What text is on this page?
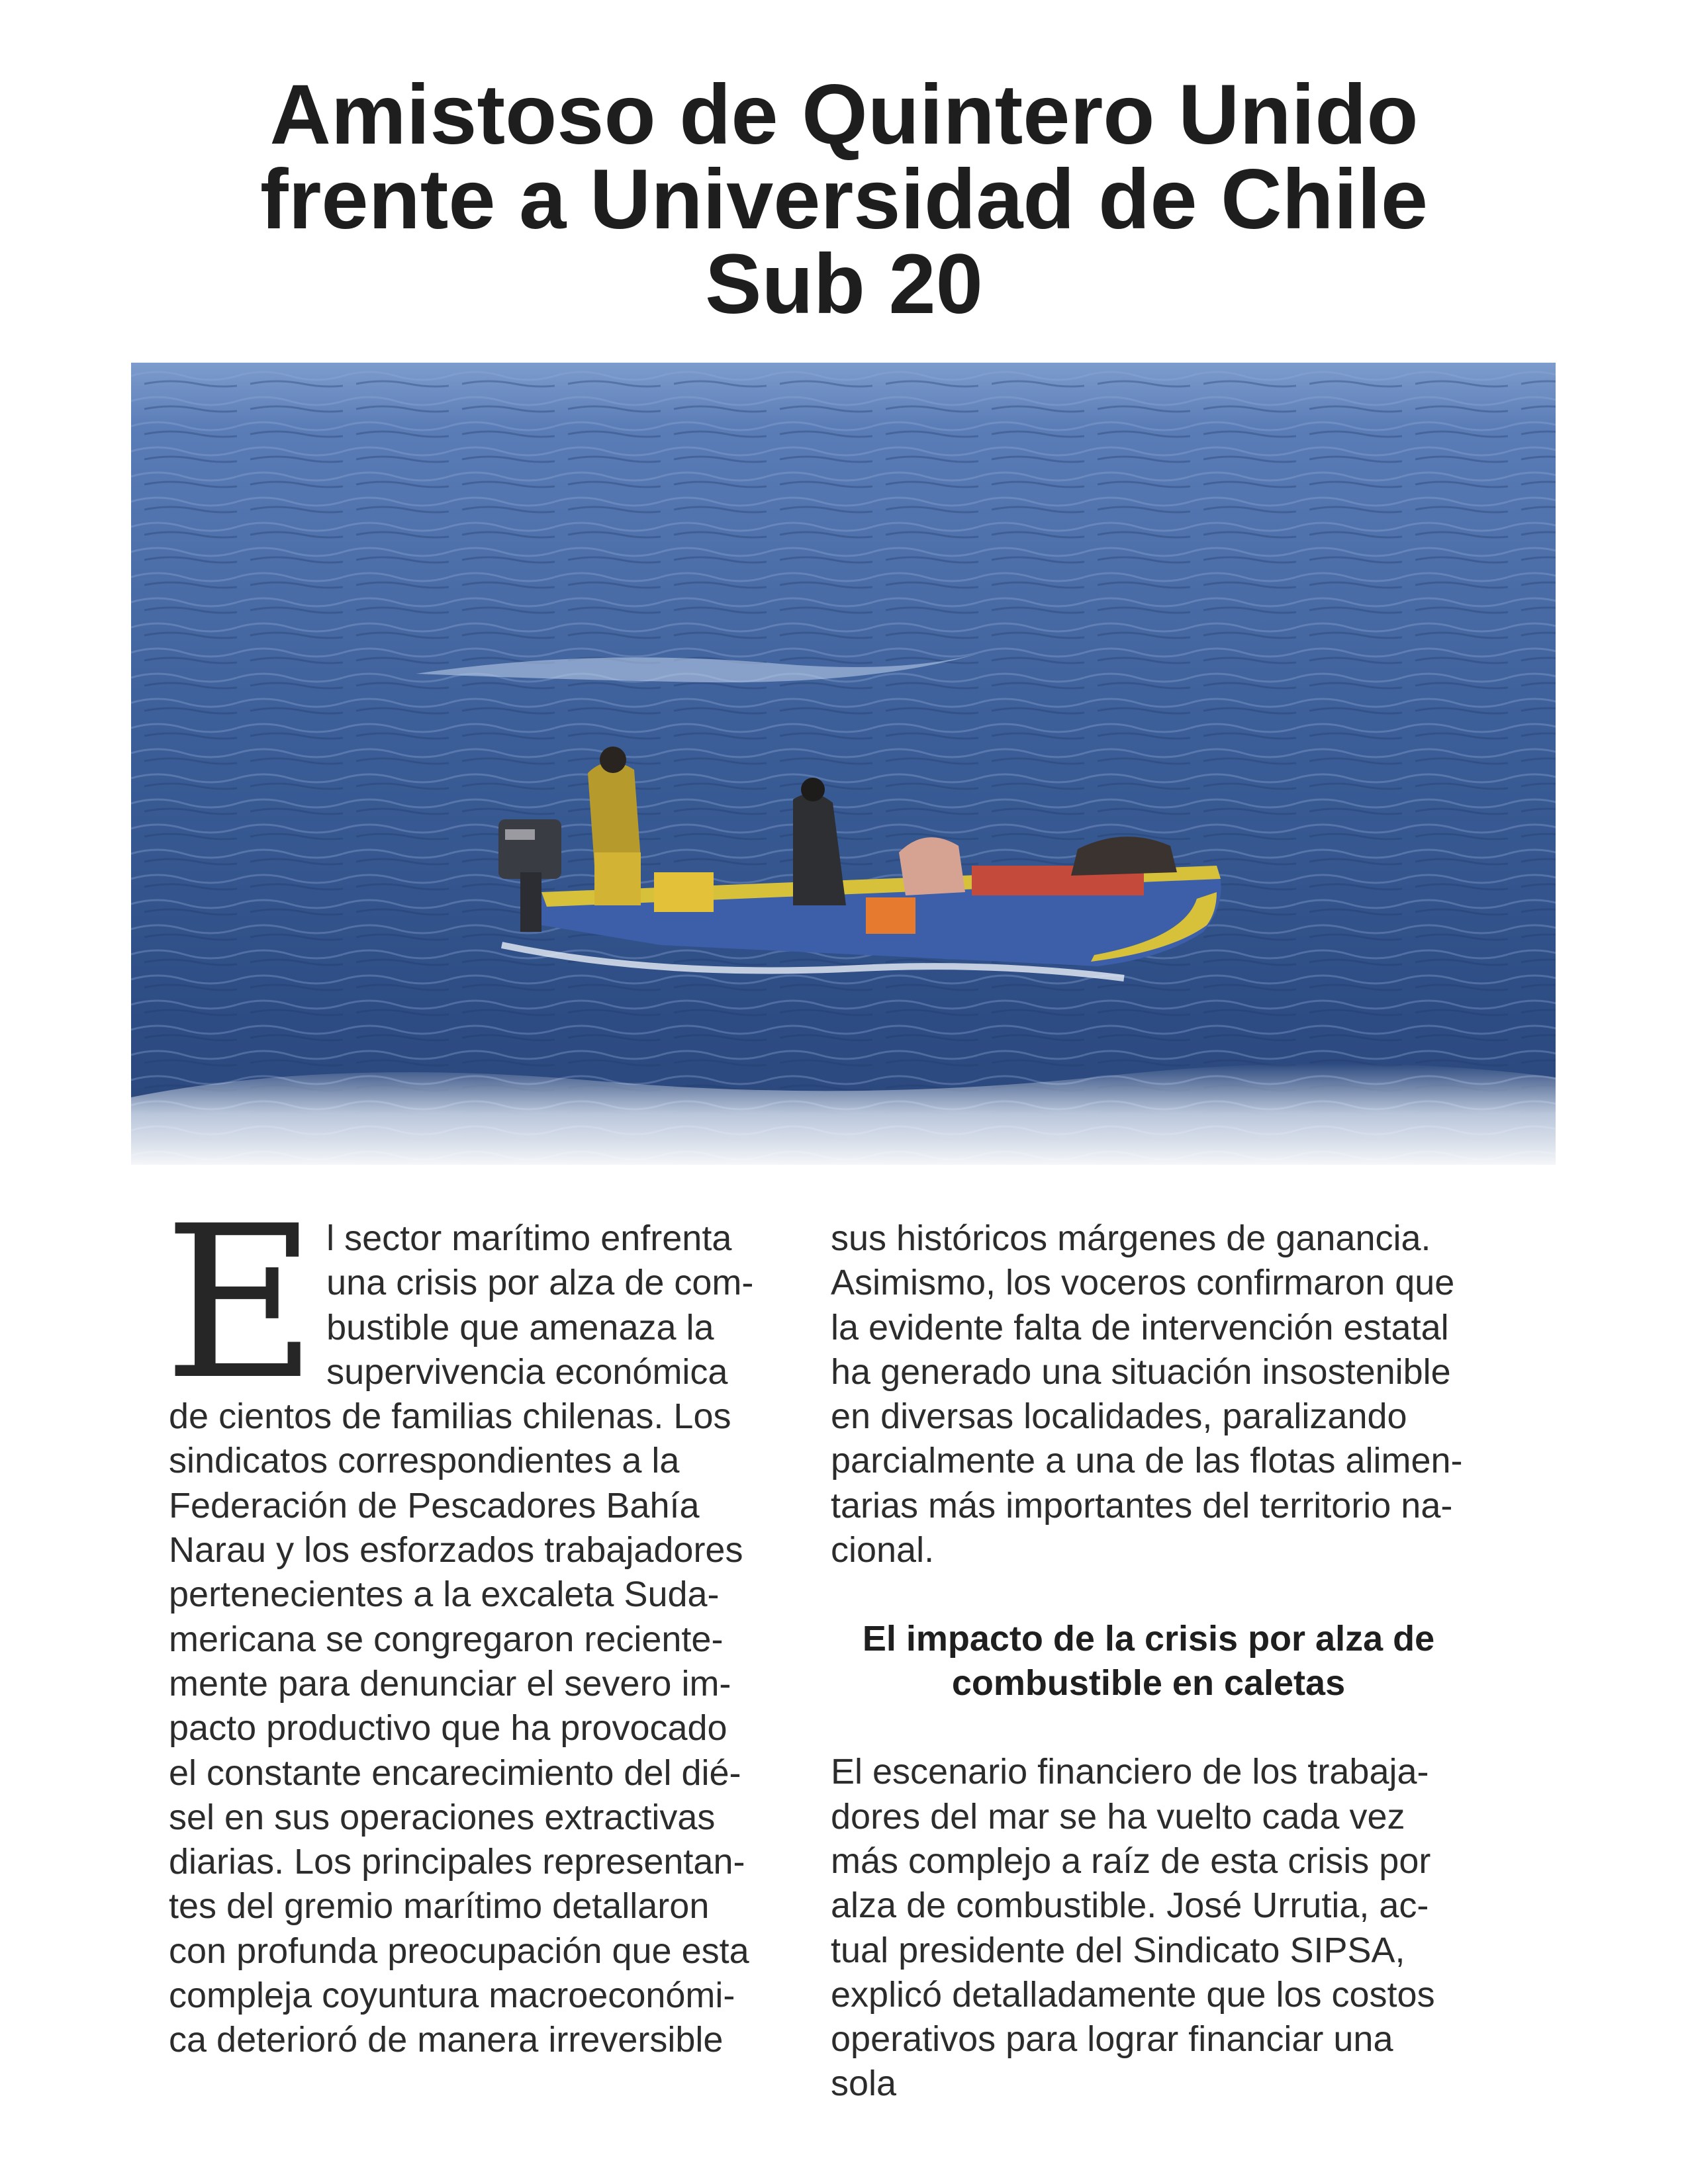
Amistoso de Quintero Unido
frente a Universidad de Chile
Sub 20
E l sector marítimo enfrenta
una crisis por alza de com-
bustible que amenaza la
supervivencia económica
de cientos de familias chilenas. Los
sindicatos correspondientes a la
Federación de Pescadores Bahía
Narau y los esforzados trabajadores
pertenecientes a la excaleta Suda-
mericana se congregaron reciente-
mente para denunciar el severo im-
pacto productivo que ha provocado
el constante encarecimiento del dié-
sel en sus operaciones extractivas
diarias. Los principales representan-
tes del gremio marítimo detallaron
con profunda preocupación que esta
compleja coyuntura macroeconómi-
ca deterioró de manera irreversible

sus históricos márgenes de ganancia.
Asimismo, los voceros confirmaron que
la evidente falta de intervención estatal
ha generado una situación insostenible
en diversas localidades, paralizando
parcialmente a una de las flotas alimen-
tarias más importantes del territorio na-
cional.

El impacto de la crisis por alza de
combustible en caletas

El escenario financiero de los trabaja-
dores del mar se ha vuelto cada vez
más complejo a raíz de esta crisis por
alza de combustible. José Urrutia, ac-
tual presidente del Sindicato SIPSA,
explicó detalladamente que los costos
operativos para lograr financiar una sola
